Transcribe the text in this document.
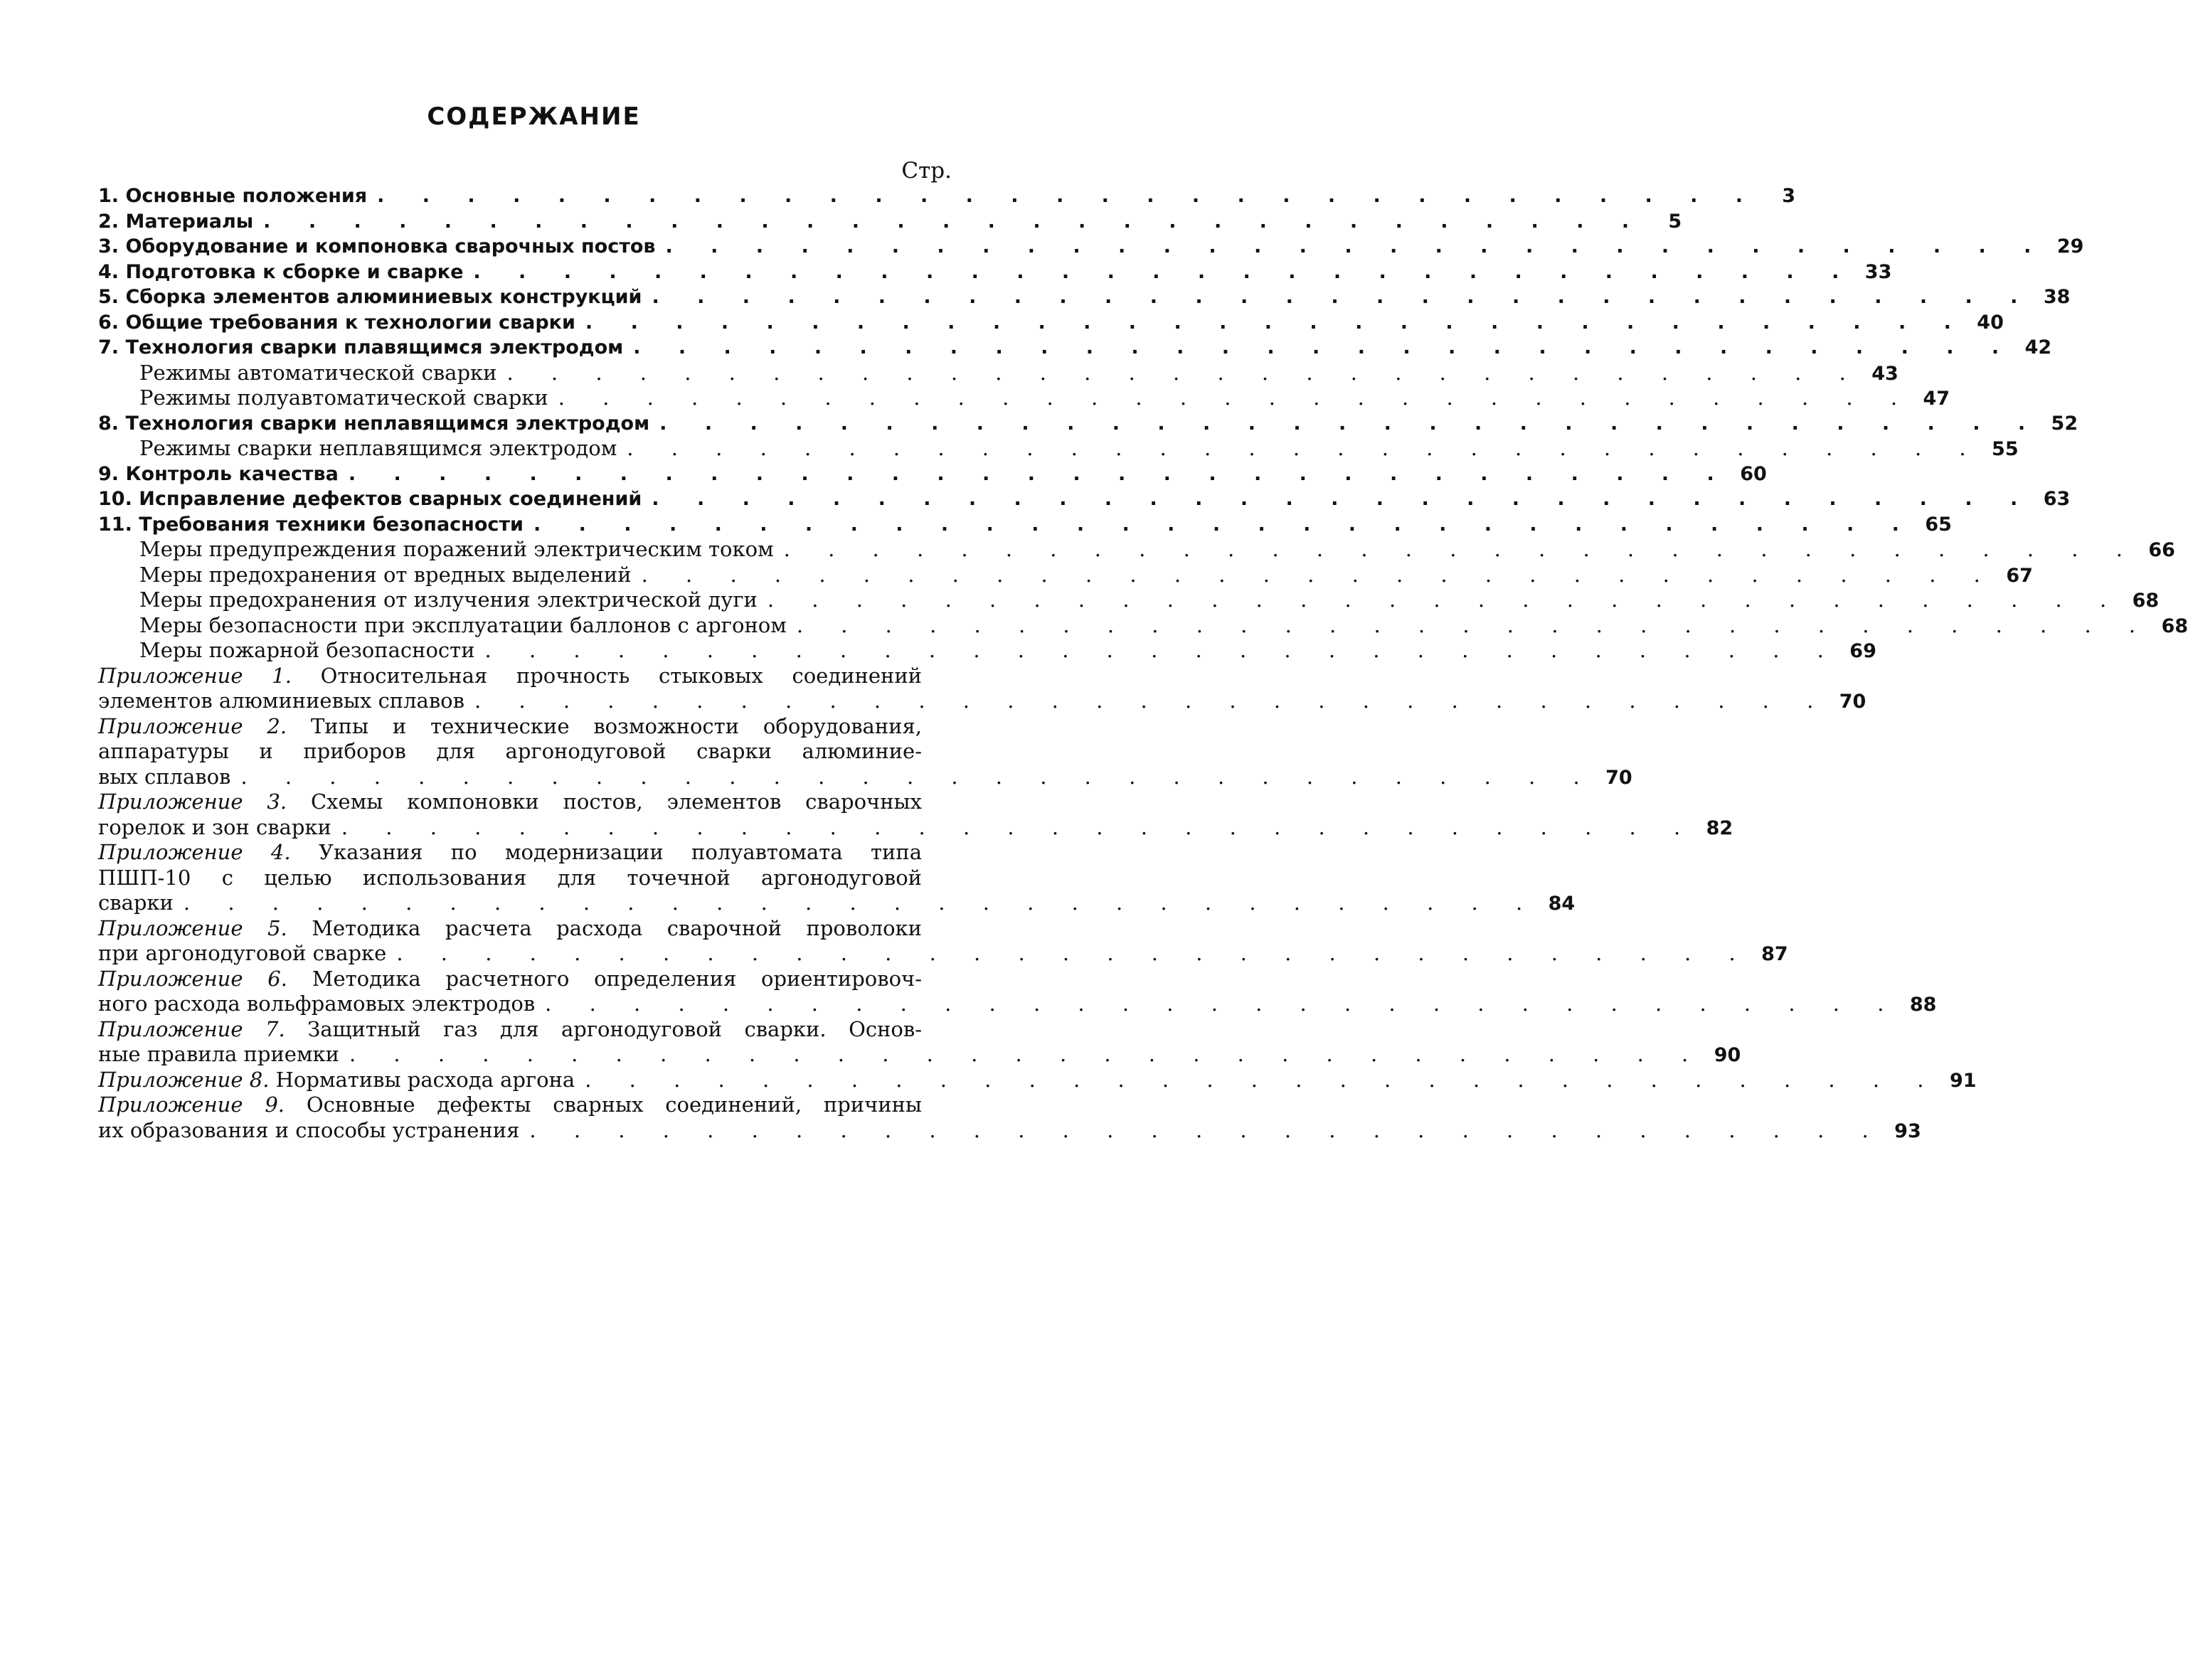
СОДЕРЖАНИЕ
Стр.
1. Основные положения . . . . . . . . . . . . . . . . . . . . . . . . . . . . . . .	3
2. Материалы . . . . . . . . . . . . . . . . . . . . . . . . . . . . . . .	5
3. Оборудование и компоновка сварочных постов . . . . . . . . . . . . . . . . . . . . . . . . . . . . . . . 29
4. Подготовка к сборке и сварке . . . . . . . . . . . . . . . . . . . . . . . . . . . . . . . 33
5. Сборка элементов алюминиевых конструкций . . . . . . . . . . . . . . . . . . . . . . . . . . . . . . . 38
6. Общие требования к технологии сварки . . . . . . . . . . . . . . . . . . . . . . . . . . . . . . . 40
7. Технология сварки плавящимся электродом . . . . . . . . . . . . . . . . . . . . . . . . . . . . . . . 42
Режимы автоматической сварки . . . . . . . . . . . . . . . . . . . . . . . . . . . . . . . 43
Режимы полуавтоматической сварки . . . . . . . . . . . . . . . . . . . . . . . . . . . . . . . 47
8. Технология сварки неплавящимся электродом . . . . . . . . . . . . . . . . . . . . . . . . . . . . . . . 52
Режимы сварки неплавящимся электродом . . . . . . . . . . . . . . . . . . . . . . . . . . . . . . . 55
9. Контроль качества . . . . . . . . . . . . . . . . . . . . . . . . . . . . . . . 60
10. Исправление дефектов сварных соединений . . . . . . . . . . . . . . . . . . . . . . . . . . . . . . . 63
11. Требования техники безопасности . . . . . . . . . . . . . . . . . . . . . . . . . . . . . . . 65
Меры предупреждения поражений электрическим током . . . . . . . . . . . . . . . . . . . . . . . . . . . . . . . 66
Меры предохранения от вредных выделений . . . . . . . . . . . . . . . . . . . . . . . . . . . . . . . 67
Меры предохранения от излучения электрической дуги . . . . . . . . . . . . . . . . . . . . . . . . . . . . . . . 68
Меры безопасности при эксплуатации баллонов с аргоном . . . . . . . . . . . . . . . . . . . . . . . . . . . . . . . 68
Меры пожарной безопасности . . . . . . . . . . . . . . . . . . . . . . . . . . . . . . . 69
Приложение 1. Относительная прочность стыковых соединений
элементов алюминиевых сплавов . . . . . . . . . . . . . . . . . . . . . . . . . . . . . . . 70
Приложение 2. Типы и технические возможности оборудования,
аппаратуры и приборов для аргонодуговой сварки алюминие-
вых сплавов . . . . . . . . . . . . . . . . . . . . . . . . . . . . . . . 70
Приложение 3. Схемы компоновки постов, элементов сварочных
горелок и зон сварки . . . . . . . . . . . . . . . . . . . . . . . . . . . . . . . 82
Приложение 4. Указания по модернизации полуавтомата типа
ПШП-10 с целью использования для точечной аргонодуговой
сварки . . . . . . . . . . . . . . . . . . . . . . . . . . . . . . . 84
Приложение 5. Методика расчета расхода сварочной проволоки
при аргонодуговой сварке . . . . . . . . . . . . . . . . . . . . . . . . . . . . . . . 87
Приложение 6. Методика расчетного определения ориентировоч-
ного расхода вольфрамовых электродов . . . . . . . . . . . . . . . . . . . . . . . . . . . . . . . 88
Приложение 7. Защитный газ для аргонодуговой сварки. Основ-
ные правила приемки . . . . . . . . . . . . . . . . . . . . . . . . . . . . . . . 90
Приложение 8.
Нормативы расхода аргона . . . . . . . . . . . . . . . . . . . . . . . . . . . . . . . 91
Приложение 9. Основные дефекты сварных соединений, причины
их образования и способы устранения . . . . . . . . . . . . . . . . . . . . . . . . . . . . . . . 93
